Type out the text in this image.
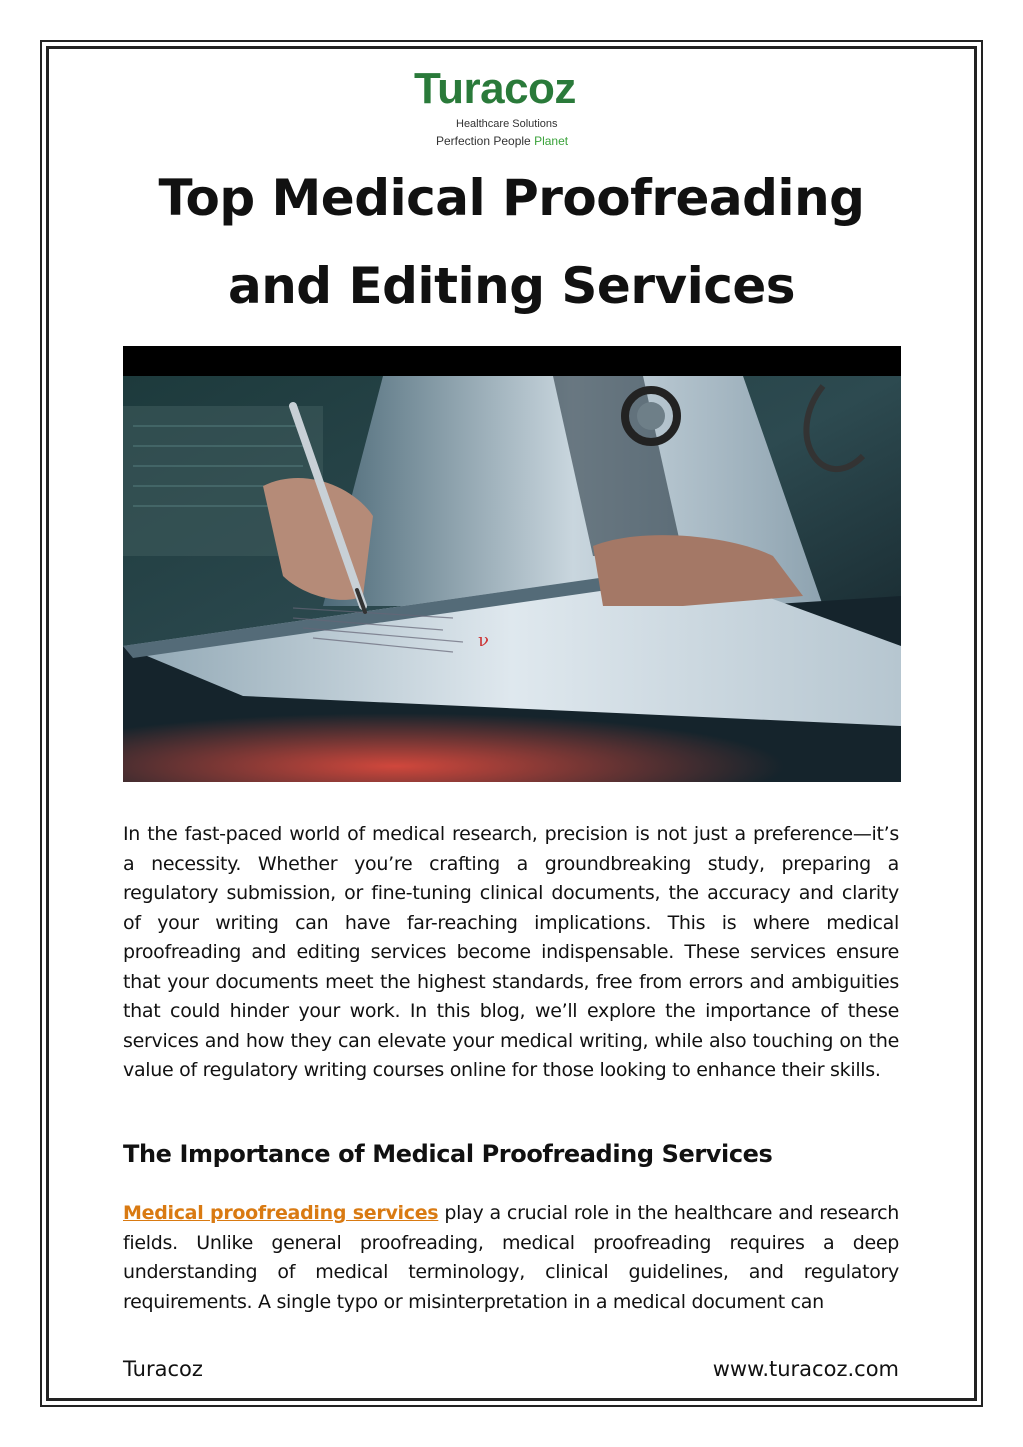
Turacoz
Healthcare Solutions
Perfection People Planet
Top Medical Proofreading
and Editing Services
ν

In the fast-paced world of medical research, precision is not just a preference—it’s a necessity. Whether you’re crafting a groundbreaking study, preparing a regulatory submission, or fine-tuning clinical documents, the accuracy and clarity of your writing can have far-reaching implications. This is where medical proofreading and editing services become indispensable. These services ensure that your documents meet the highest standards, free from errors and ambiguities that could hinder your work. In this blog, we’ll explore the importance of these services and how they can elevate your medical writing, while also touching on the value of regulatory writing courses online for those looking to enhance their skills.

The Importance of Medical Proofreading Services

Medical proofreading services play a crucial role in the healthcare and research fields. Unlike general proofreading, medical proofreading requires a deep understanding of medical terminology, clinical guidelines, and regulatory requirements. A single typo or misinterpretation in a medical document can

Turacoz	www.turacoz.com
